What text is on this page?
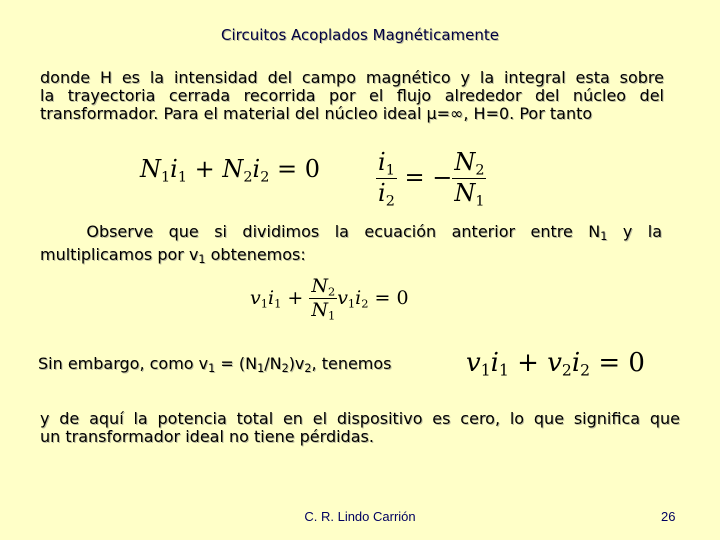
Circuitos Acoplados Magnéticamente
donde H es la intensidad del campo magnético y la integral esta sobre
la trayectoria cerrada recorrida por el flujo alrededor del núcleo del
transformador. Para el material del núcleo ideal μ=∞, H=0. Por tanto
$N_1i_1 + N_2i_2 = 0 \frac{i_1}{i_2}$ = − $\frac{N_2}{N_1}$
Observe que si dividimos la ecuación anterior entre $N_1$ y la
multiplicamos por $v_1$ obtenemos:
$v_1i_1 + \frac{N_2}{N_1} v_1i_2 = 0$
Sin embargo, como $v_1 = (N_1/N_2)v_2$, tenemos	$v_1i_1 + v_2i_2 = 0$
y de aquí la potencia total en el dispositivo es cero, lo que significa que
un transformador ideal no tiene pérdidas.
C. R. Lindo Carrión	26
